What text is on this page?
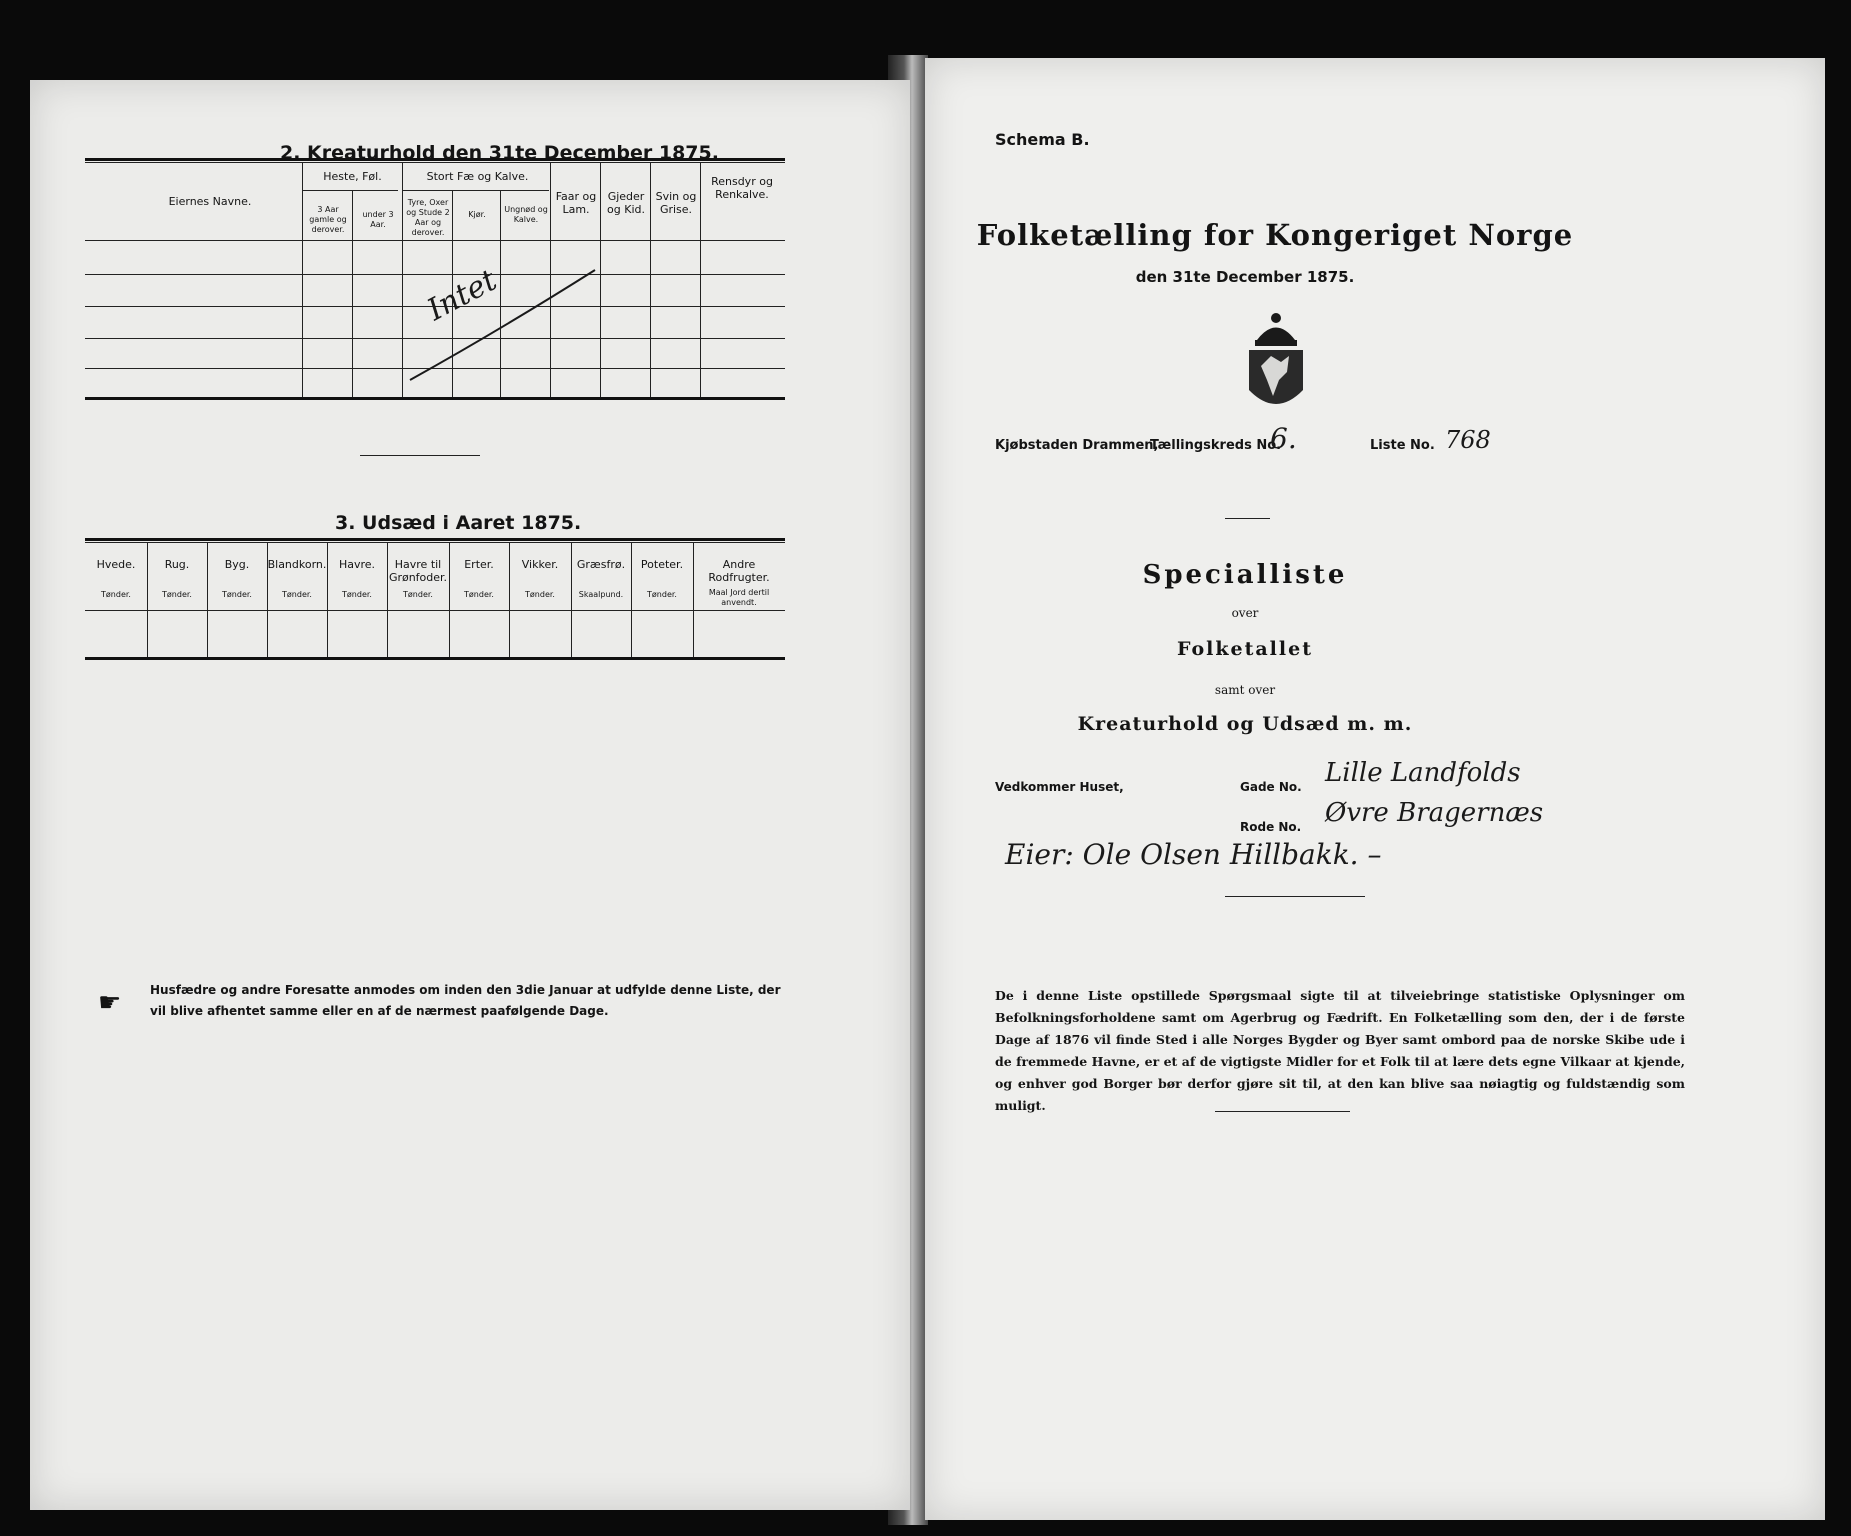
2. Kreaturhold den 31te December 1875.
Eiernes Navne.
Heste, Føl.
3 Aar gamle og derover.
under 3 Aar.
Stort Fæ og Kalve.
Tyre, Oxer og Stude 2 Aar og derover.
Kjør.
Ungnød og Kalve.
Faar og Lam.
Gjeder og Kid.
Svin og Grise.
Rensdyr og Renkalve.
Intet
3. Udsæd i Aaret 1875.
Hvede.
Tønder.
Rug.
Tønder.
Byg.
Tønder.
Blandkorn.
Tønder.
Havre.
Tønder.
Havre til Grønfoder.
Tønder.
Erter.
Tønder.
Vikker.
Tønder.
Græsfrø.
Skaalpund.
Poteter.
Tønder.
Andre Rodfrugter.
Maal Jord dertil anvendt.
☛ Husfædre og andre Foresatte anmodes om inden den 3die Januar at udfylde denne Liste, der vil blive afhentet samme eller en af de nærmest paafølgende Dage.
Schema B.
Folketælling for Kongeriget Norge
den 31te December 1875.
Kjøbstaden Drammen,
Tællingskreds No.
6.	Liste No. 768
Specialliste
over
Folketallet
samt over
Kreaturhold og Udsæd m. m.
Vedkommer Huset,	Gade No. Lille Landfolds
Rode No. Øvre Bragernæs
Eier: Ole Olsen Hillbakk. –
De i denne Liste opstillede Spørgsmaal sigte til at tilveiebringe statistiske Oplysninger om Befolkningsforholdene samt om Agerbrug og Fædrift. En Folketælling som den, der i de første Dage af 1876 vil finde Sted i alle Norges Bygder og Byer samt ombord paa de norske Skibe ude i de fremmede Havne, er et af de vigtigste Midler for et Folk til at lære dets egne Vilkaar at kjende, og enhver god Borger bør derfor gjøre sit til, at den kan blive saa nøiagtig og fuldstændig som muligt.
